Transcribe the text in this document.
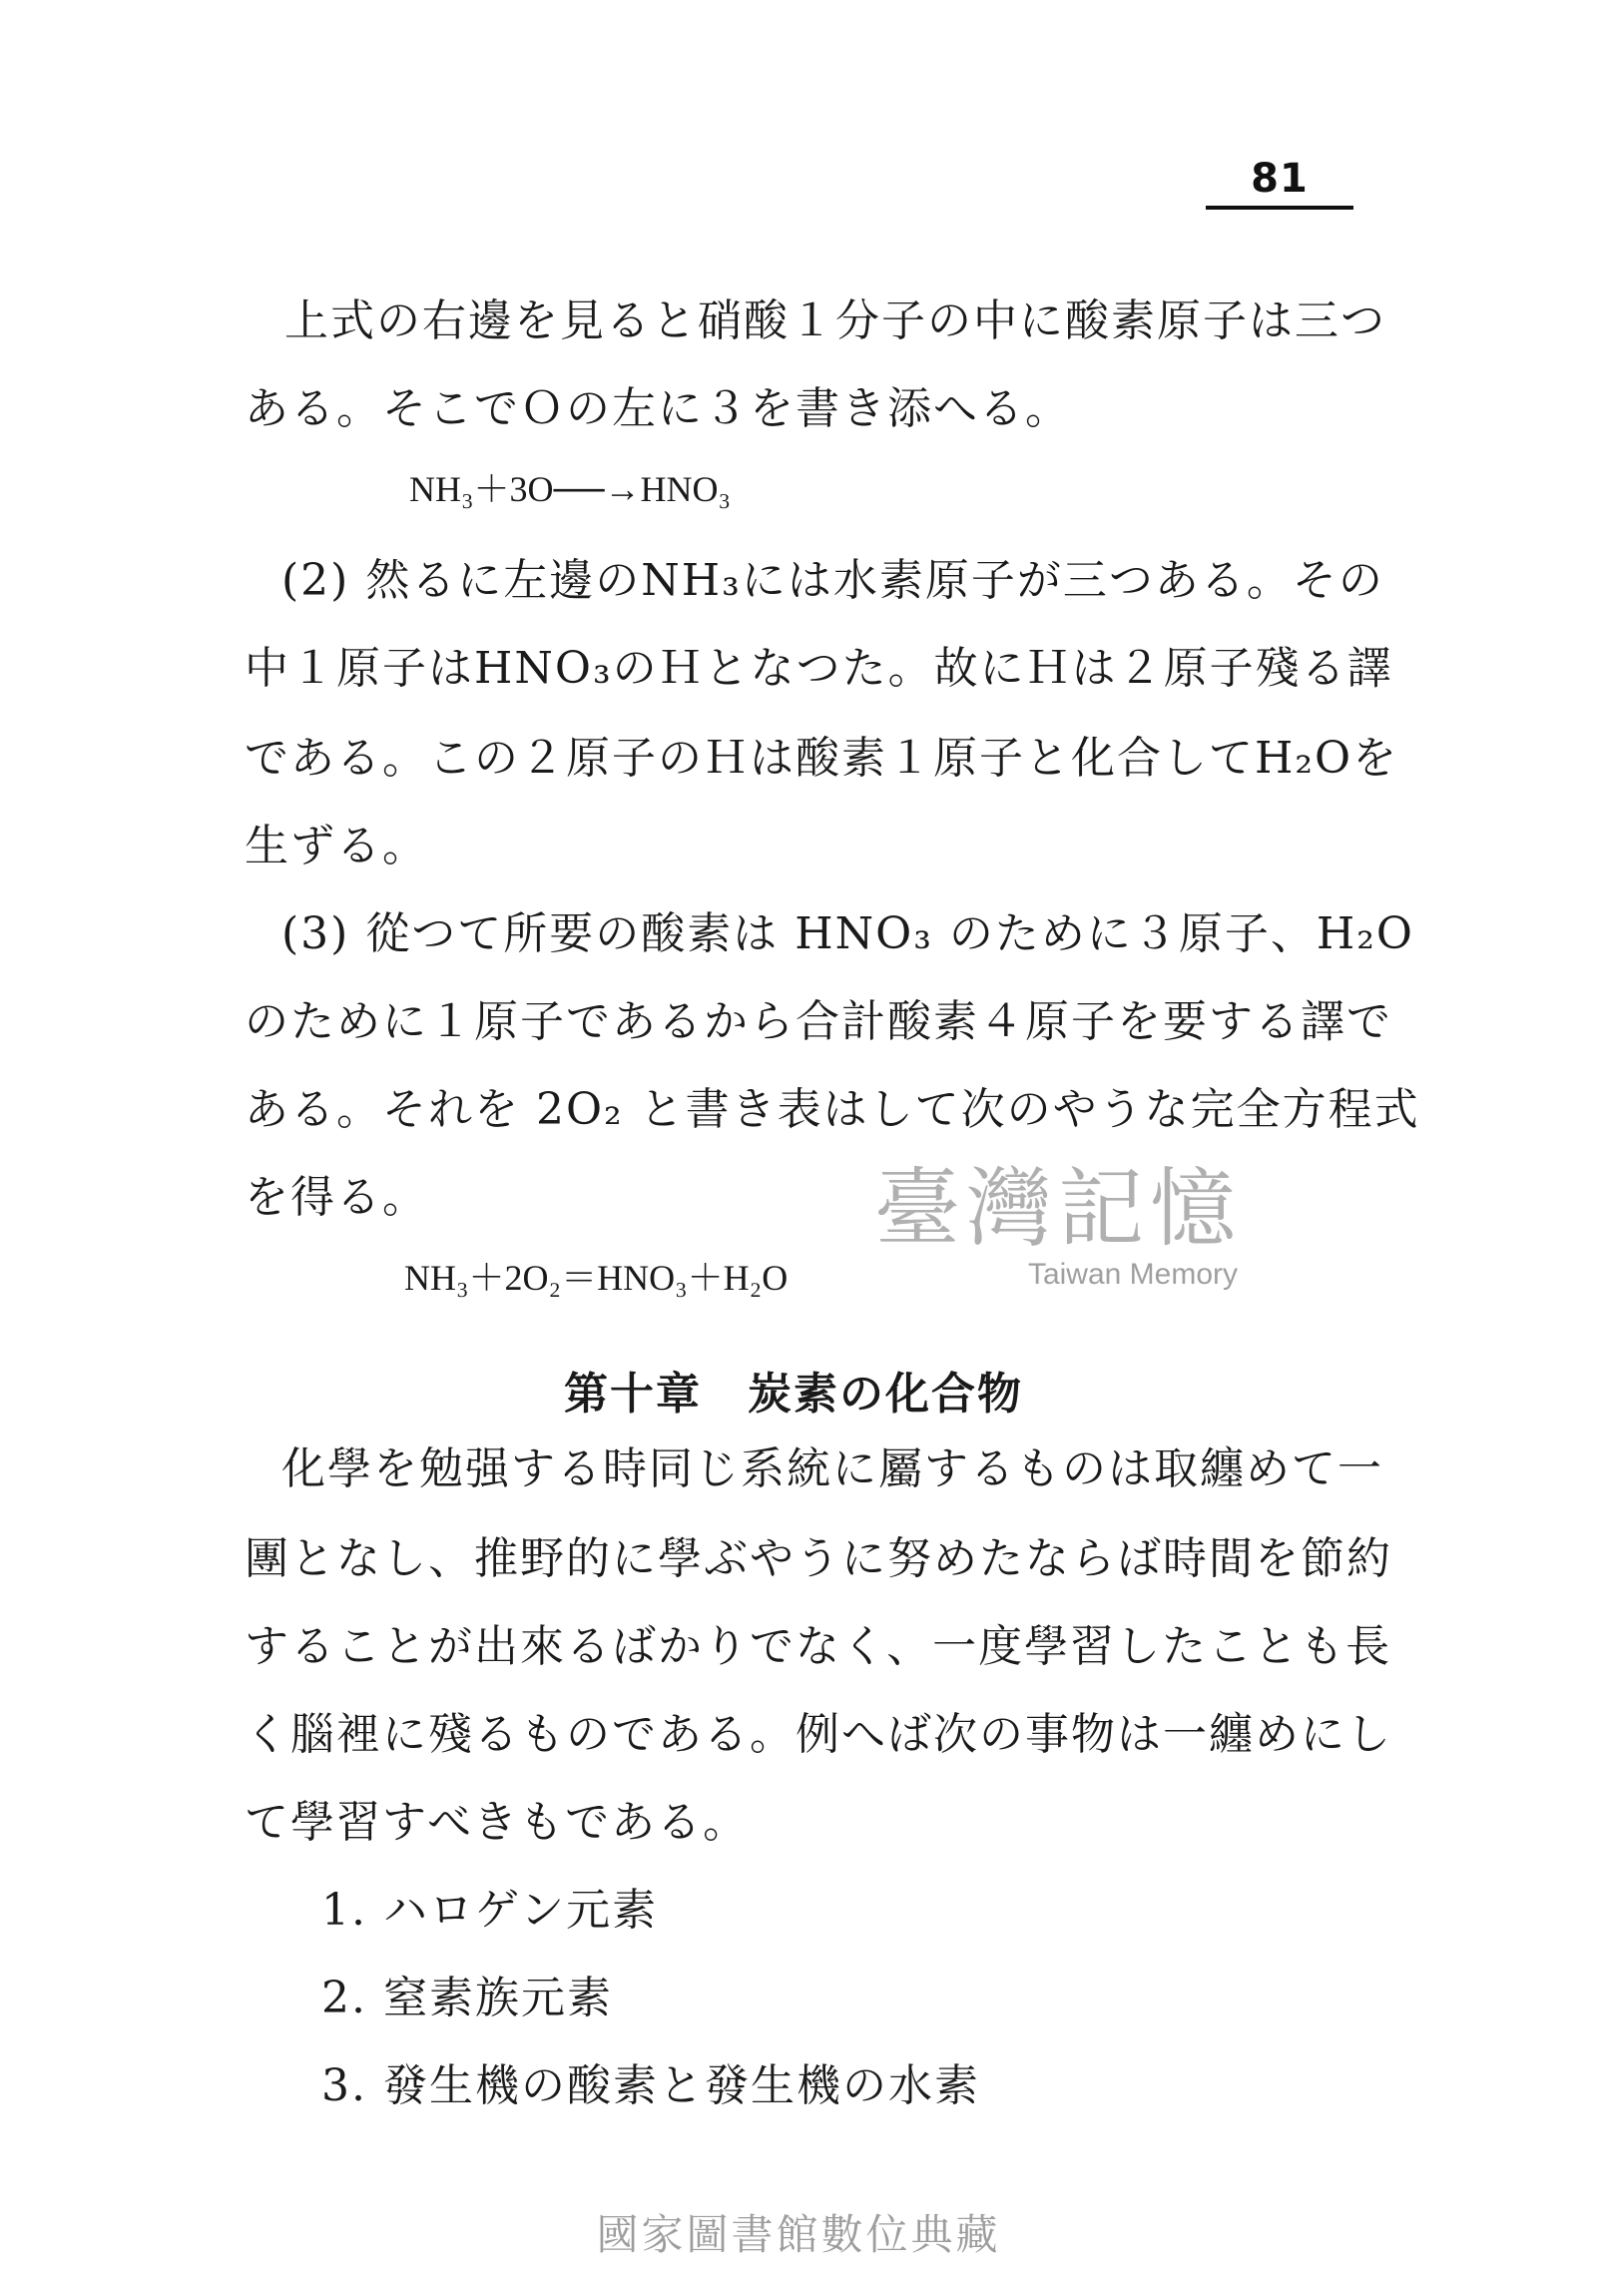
81
上式の右邊を見ると硝酸１分子の中に酸素原子は三つ
ある。そこでＯの左に３を書き添へる。
NH₃＋3O──→HNO₃
(2) 然るに左邊のNH₃には水素原子が三つある。その
中１原子はHNO₃のＨとなつた。故にＨは２原子殘る譯
である。この２原子のＨは酸素１原子と化合してH₂Oを
生ずる。
(3) 從つて所要の酸素は HNO₃ のために３原子、H₂O
のために１原子であるから合計酸素４原子を要する譯で
ある。それを 2O₂ と書き表はして次のやうな完全方程式
を得る。
NH₃＋2O₂＝HNO₃＋H₂O
臺灣記憶
Taiwan Memory
第十章　炭素の化合物
化學を勉强する時同じ系統に屬するものは取纏めて一
團となし、推野的に學ぶやうに努めたならば時間を節約
することが出來るばかりでなく、一度學習したことも長
く腦裡に殘るものである。例へば次の事物は一纏めにし
て學習すべきもである。
1. ハロゲン元素
2. 窒素族元素
3. 發生機の酸素と發生機の水素
國家圖書館數位典藏
